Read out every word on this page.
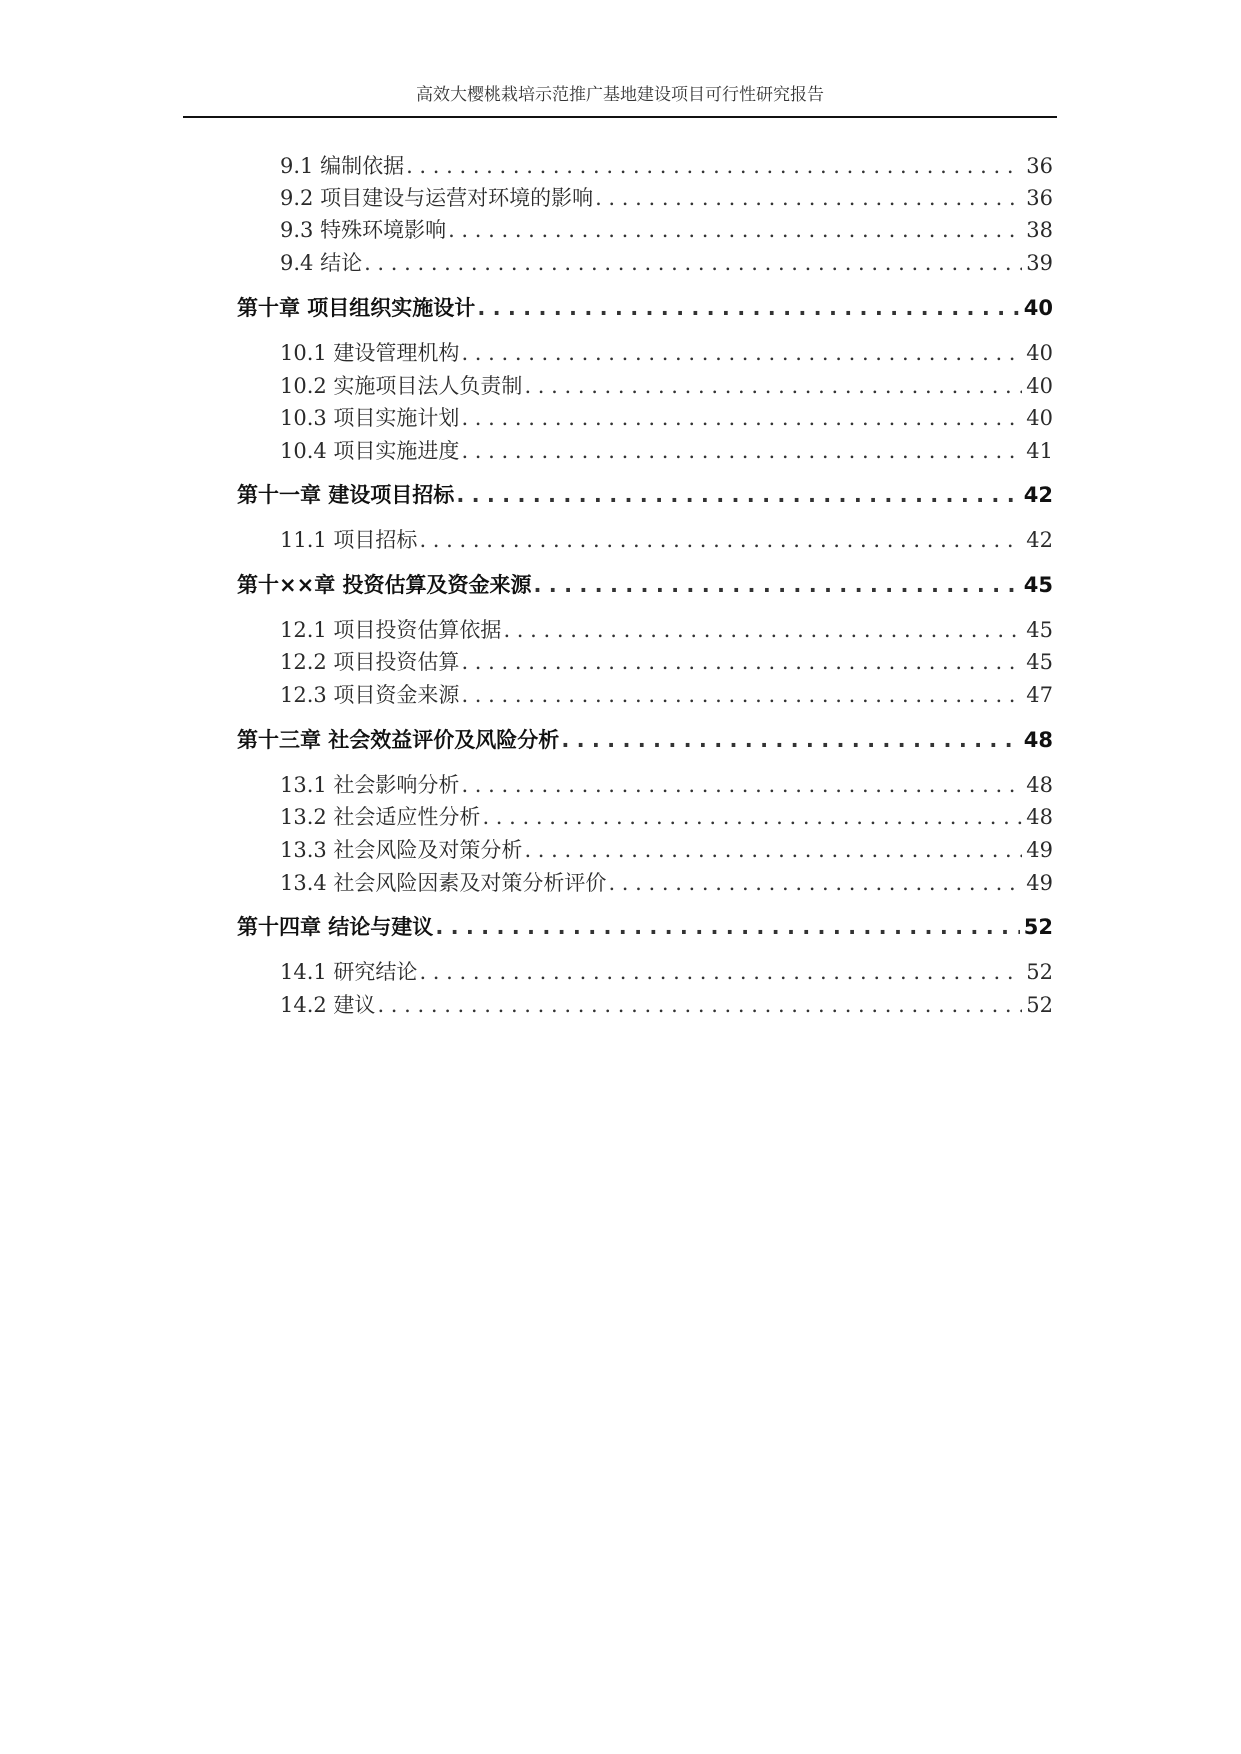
高效大樱桃栽培示范推广基地建设项目可行性研究报告
9.1 编制依据 . . .	36
9.2 项目建设与运营对环境的影响 . . .	36
9.3 特殊环境影响 . . .	38
9.4 结论 . . .	39
第十章 项目组织实施设计 . . .	40
10.1 建设管理机构 . . .	40
10.2 实施项目法人负责制 . . .	40
10.3 项目实施计划 . . .	40
10.4 项目实施进度 . . .	41
第十一章 建设项目招标 . . .	42
11.1 项目招标 . . .	42
第十××章 投资估算及资金来源 . . .	45
12.1 项目投资估算依据 . . .	45
12.2 项目投资估算 . . .	45
12.3 项目资金来源 . . .	47
第十三章 社会效益评价及风险分析 . . .	48
13.1 社会影响分析 . . .	48
13.2 社会适应性分析 . . .	48
13.3 社会风险及对策分析 . . .	49
13.4 社会风险因素及对策分析评价 . . .	49
第十四章 结论与建议 . . .	52
14.1 研究结论 . . .	52
14.2 建议 . . .	52
